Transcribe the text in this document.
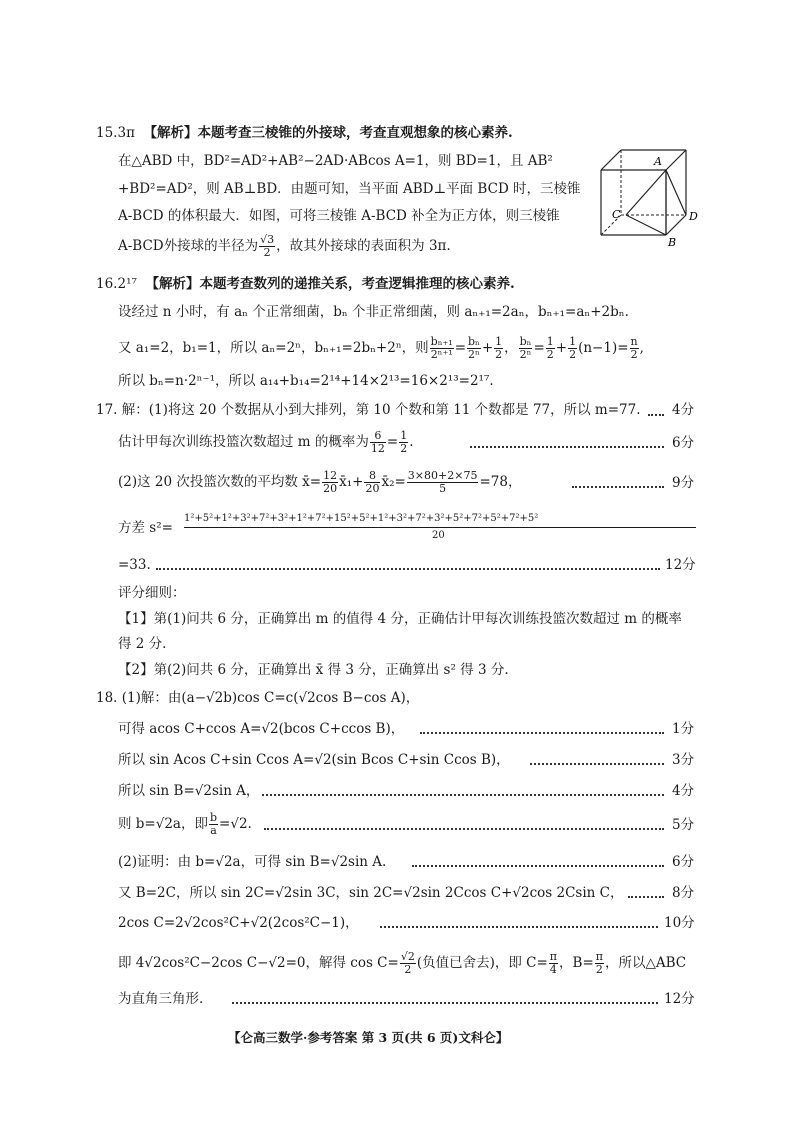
15.3π 【解析】本题考查三棱锥的外接球，考查直观想象的核心素养.
在△ABD 中，BD²=AD²+AB²−2AD·ABcos A=1，则 BD=1，且 AB²
+BD²=AD²，则 AB⊥BD．由题可知，当平面 ABD⊥平面 BCD 时，三棱锥
A-BCD 的体积最大．如图，可将三棱锥 A-BCD 补全为正方体，则三棱锥
A-BCD外接球的半径为 $\frac{√3}{2}$ ，故其外接球的表面积为 3π.
A
C	D
B
16.2¹⁷ 【解析】本题考查数列的递推关系，考查逻辑推理的核心素养.
设经过 n 小时，有 aₙ 个正常细菌，bₙ 个非正常细菌，则 aₙ₊₁=2aₙ，bₙ₊₁=aₙ+2bₙ.
又 a₁=2，b₁=1，所以 aₙ=2ⁿ，bₙ₊₁=2bₙ+2ⁿ，则 $\frac{\text{bₙ₊₁}}{\text{2ⁿ⁺¹}} = \frac{\text{bₙ}}{\text{2ⁿ}} + \frac{1}{2}$ ， $\frac{\text{bₙ}}{\text{2ⁿ}} = \frac{1}{2} + \frac{1}{2} (n-1)= \frac{n}{2}$ ,
所以 bₙ=n·2ⁿ⁻¹，所以 a₁₄+b₁₄=2¹⁴+14×2¹³=16×2¹³=2¹⁷.
17. 解：(1)将这 20 个数据从小到大排列，第 10 个数和第 11 个数都是 77，所以 m=77. 4分
估计甲每次训练投篮次数超过 m 的概率为 $\frac{6}{12} = \frac{1}{2}$ .	6分
(2)这 20 次投篮次数的平均数 x̄= $\frac{12}{20}$ x̄₁+ $\frac{8}{20}$ x̄₂= $\frac{3\times 80+2\times 75}{5} =78$，	9分
方差 s²=
1²+5²+1²+3²+7²+3²+1²+7²+15²+5²+1²+3²+7²+3²+5²+7²+5²+7²+5²
20
=33.	12分
评分细则：
【1】第(1)问共 6 分，正确算出 m 的值得 4 分，正确估计甲每次训练投篮次数超过 m 的概率
得 2 分.
【2】第(2)问共 6 分，正确算出 x̄ 得 3 分，正确算出 s² 得 3 分.
18. (1)解：由(a−√2b)cos C=c(√2cos B−cos A)，
可得 acos C+ccos A=√2(bcos C+ccos B)，	1分
所以 sin Acos C+sin Ccos A=√2(sin Bcos C+sin Ccos B)，	3分
所以 sin B=√2sin A，	4分
则 b=√2a，即 $\frac{b}{a} =√2$.	5分
(2)证明：由 b=√2a，可得 sin B=√2sin A.	6分
又 B=2C，所以 sin 2C=√2sin 3C，sin 2C=√2sin 2Ccos C+√2cos 2Csin C，	8分
2cos C=2√2cos²C+√2(2cos²C−1)，	10分
即 4√2cos²C−2cos C−√2=0，解得 $\cos C= \frac{√2}{2}$ (负值已舍去)，即 $C= \frac{\pi}{4}$ ，$B= \frac{\pi}{2}$ ，所以△ABC
为直角三角形.	12分
【仑高三数学·参考答案 第 3 页(共 6 页)文科仑】
